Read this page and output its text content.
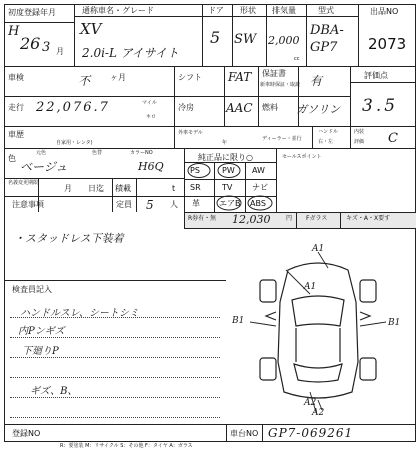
初度登録年月
H
26 3 月
通称車名・グレード
XV
2.0i-L アイサイト
ドア
5
形状
SW
排気量
2,000
cc
型式
DBA-GP7
出品NO
2073
車検	不 ヶ月	シフト FAT 保証書
新車時保証・取説 有	評価点
3.5
走行 22,076.7	マイル
キロ
冷房	AAC 燃料 ガソリン
車歴
自家用・レンタ)
外車モデル
年
ディーラー・並行
ハンドル
右・左
内装
評価 C
色
元色
ベージュ
色替	カラーNO
H6Q
純正品に限り○	セールスポイント
PS	PW AW
SR	TV ナビ
革 エアB ABS
名義変更期限
月 日迄 積載	t
注意事項	定員 5 人
R券有・無 12,030	円 Fガラス	キズ・A・X要す
・スタッドレス下装着
検査員記入
ハンドルスレ、シートシミ
内Pンギズ
下廻りP
ギズ、B、
A1
A1
B1	B1
A2
A2
登録NO	車台NO GP7-069261
R：要塗装 M：リサイクル S：その他 F：タイヤ A：ガラス
